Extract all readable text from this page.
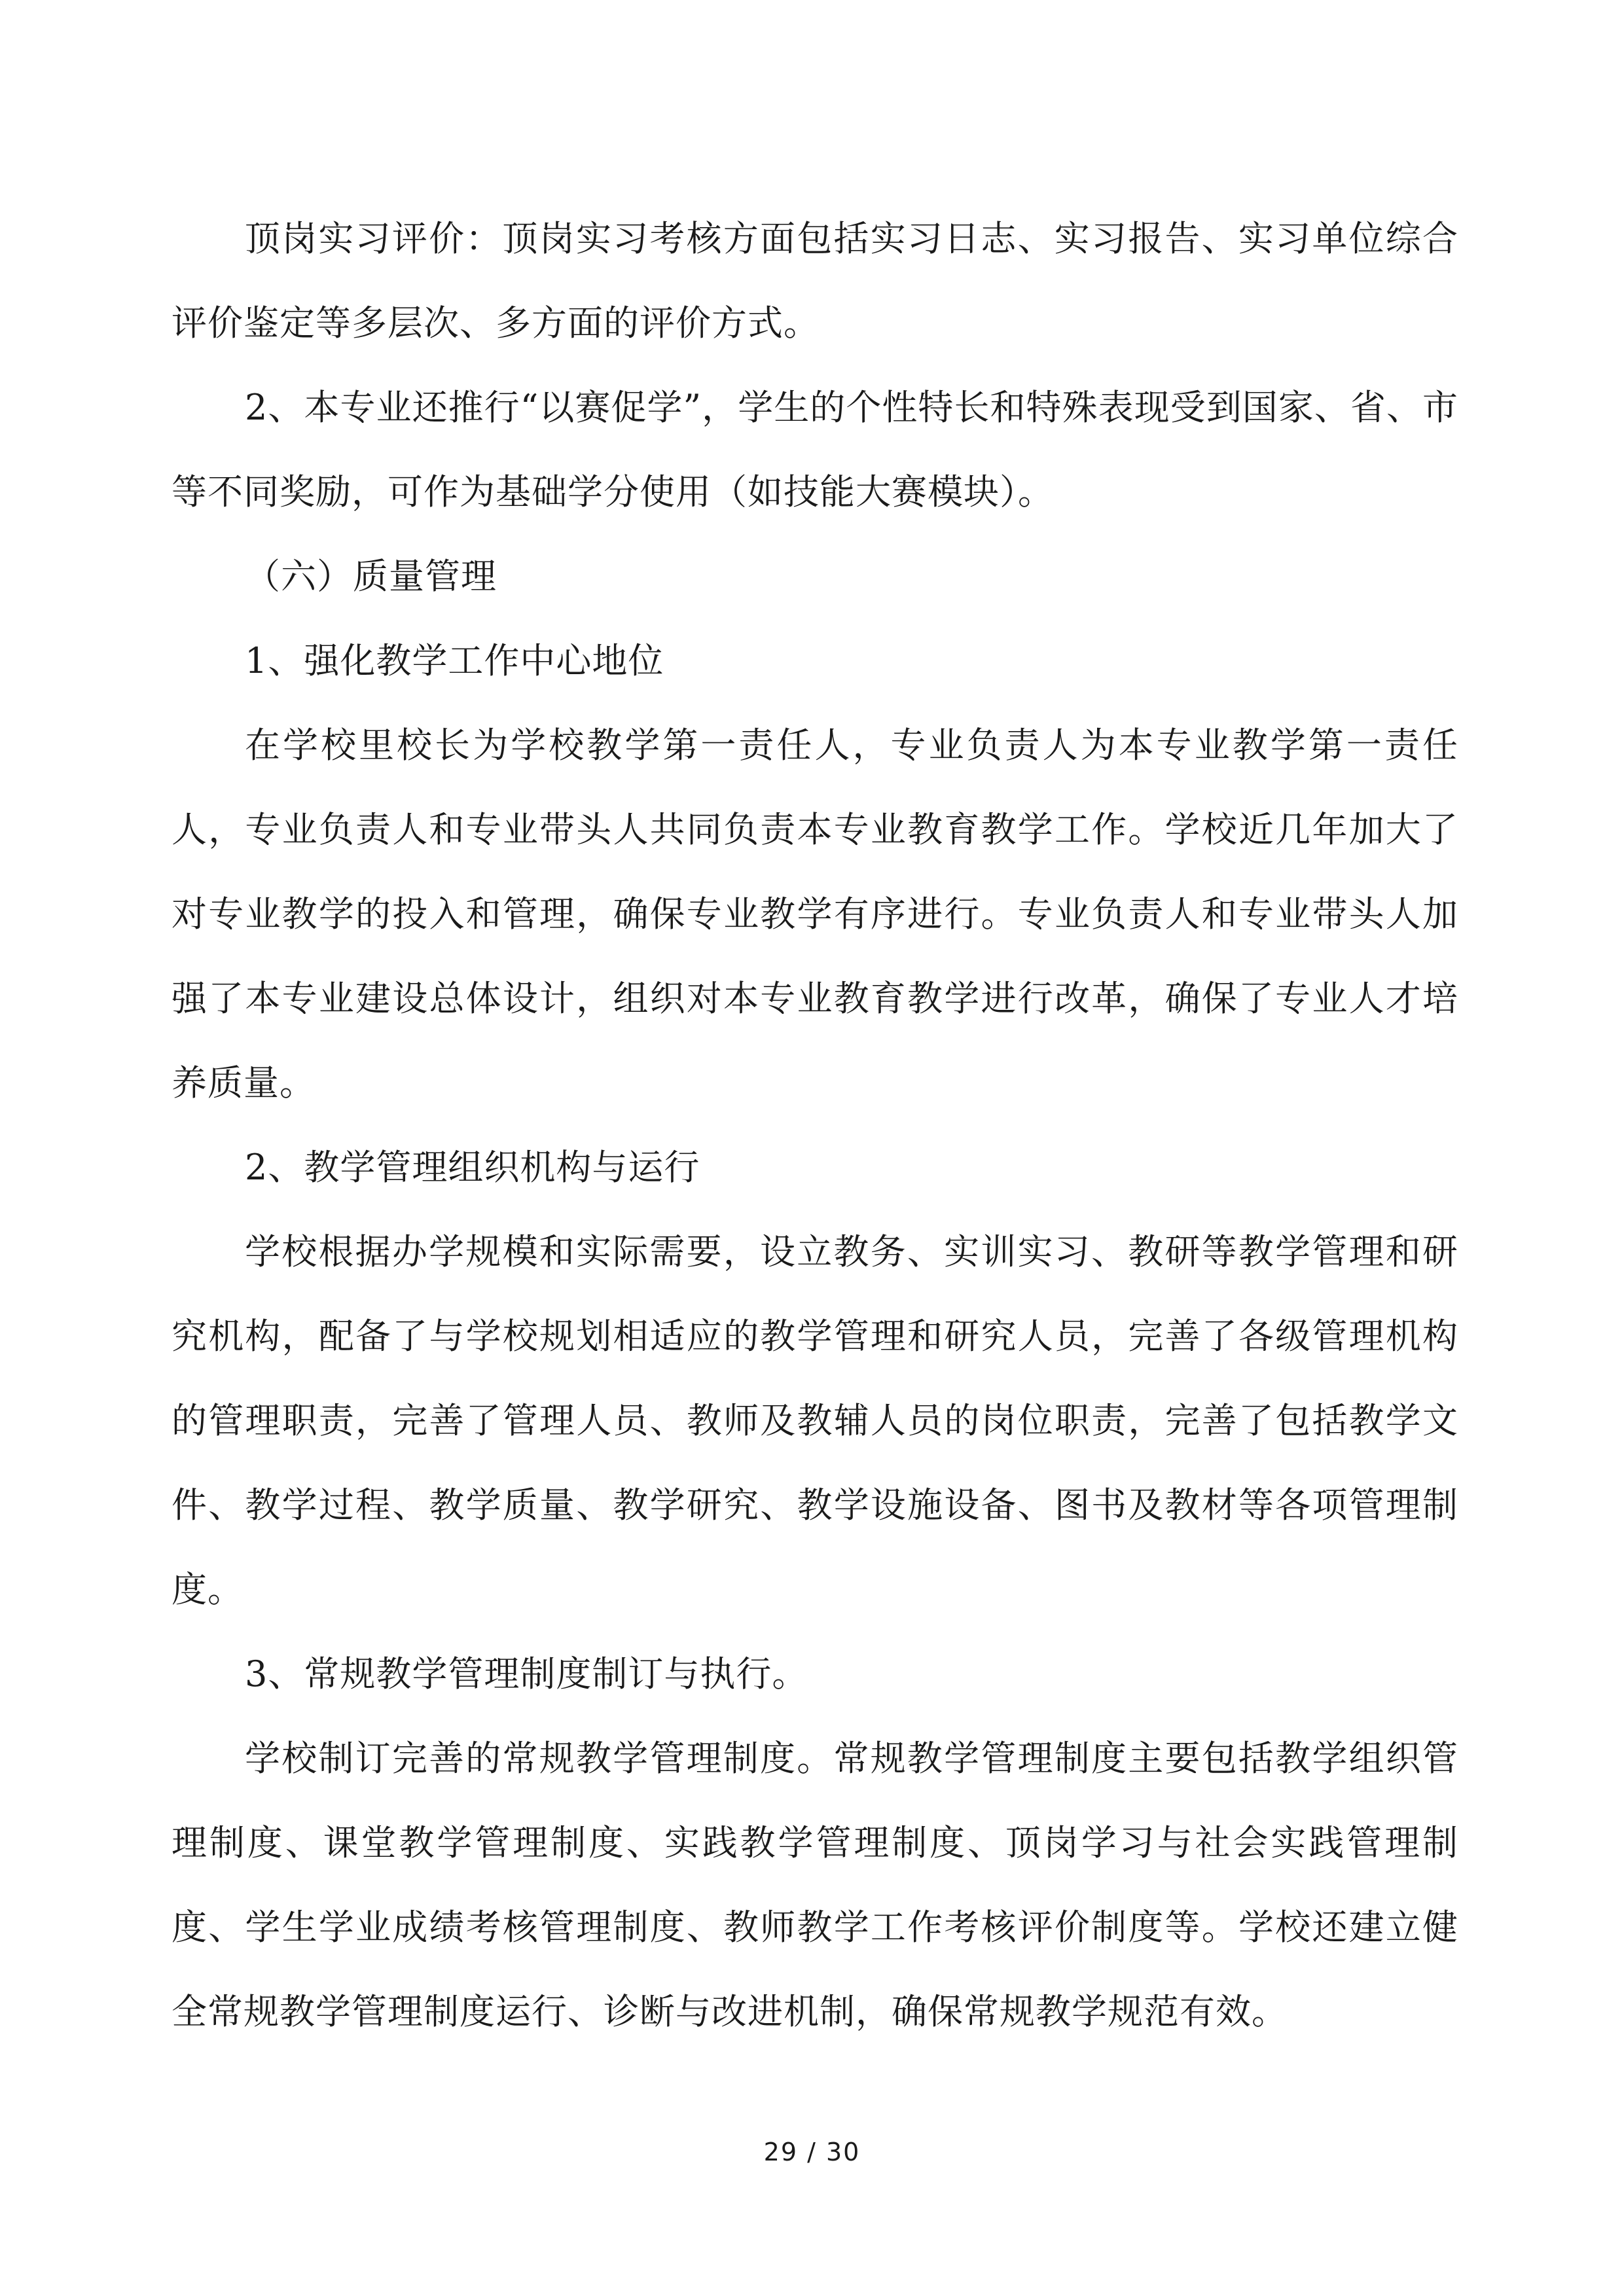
顶岗实习评价：顶岗实习考核方面包括实习日志、实习报告、实习单位综合评价鉴定等多层次、多方面的评价方式。

2、本专业还推行“以赛促学”，学生的个性特长和特殊表现受到国家、省、市等不同奖励，可作为基础学分使用（如技能大赛模块）。

（六）质量管理

1、强化教学工作中心地位

在学校里校长为学校教学第一责任人，专业负责人为本专业教学第一责任人，专业负责人和专业带头人共同负责本专业教育教学工作。学校近几年加大了对专业教学的投入和管理，确保专业教学有序进行。专业负责人和专业带头人加强了本专业建设总体设计，组织对本专业教育教学进行改革，确保了专业人才培养质量。

2、教学管理组织机构与运行

学校根据办学规模和实际需要，设立教务、实训实习、教研等教学管理和研究机构，配备了与学校规划相适应的教学管理和研究人员，完善了各级管理机构的管理职责，完善了管理人员、教师及教辅人员的岗位职责，完善了包括教学文件、教学过程、教学质量、教学研究、教学设施设备、图书及教材等各项管理制度。

3、常规教学管理制度制订与执行。

学校制订完善的常规教学管理制度。常规教学管理制度主要包括教学组织管理制度、课堂教学管理制度、实践教学管理制度、顶岗学习与社会实践管理制度、学生学业成绩考核管理制度、教师教学工作考核评价制度等。学校还建立健全常规教学管理制度运行、诊断与改进机制，确保常规教学规范有效。

29 / 30
